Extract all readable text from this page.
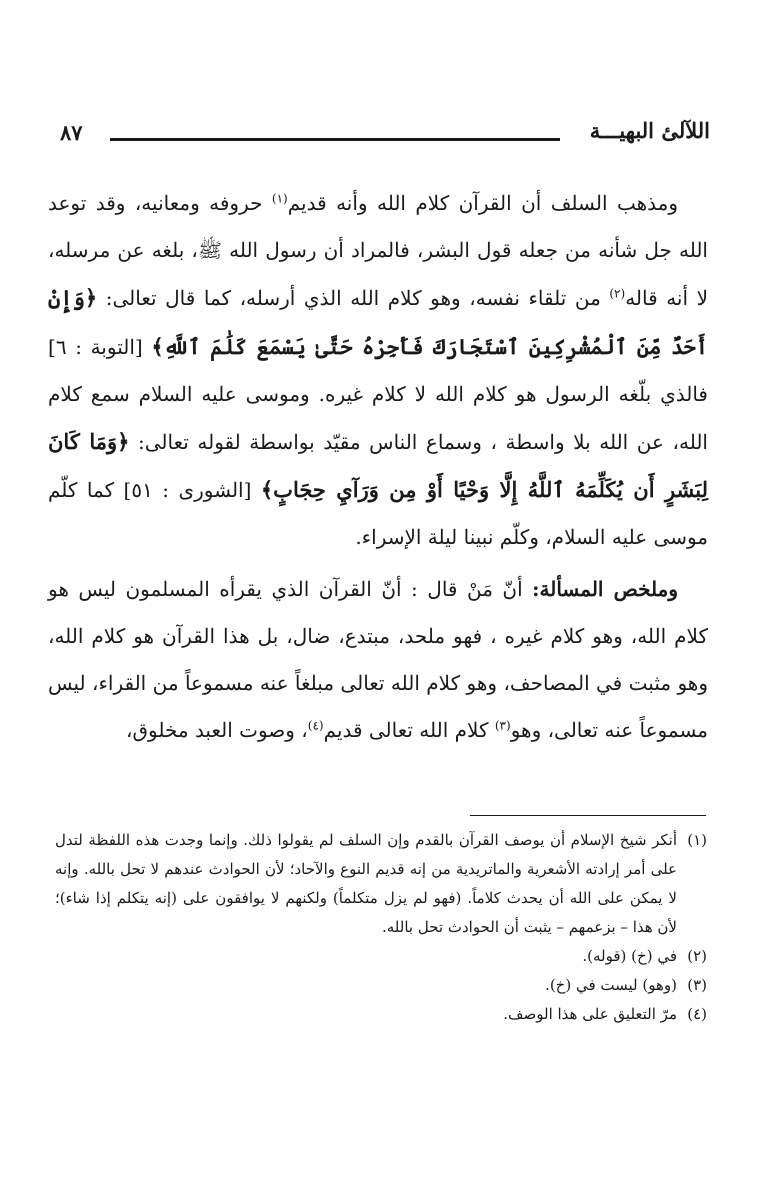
اللآلئ البهيـــة
٨٧

ومذهب السلف أن القرآن كلام الله وأنه قديم$^{(١)}$ حروفه ومعانيه، وقد توعد الله جل شأنه من جعله قول البشر، فالمراد أن رسول الله ﷺ، بلغه عن مرسله، لا أنه قاله$^{(٢)}$ من تلقاء نفسه، وهو كلام الله الذي أرسله، كما قال تعالى: ﴿وَإِنْ أَحَدٌ مِّنَ ٱلْمُشْرِكِينَ ٱسْتَجَارَكَ فَأَجِرْهُ حَتَّىٰ يَسْمَعَ كَلَٰمَ ٱللَّهِ﴾ [التوبة : ٦] فالذي بلّغه الرسول هو كلام الله لا كلام غيره. وموسى عليه السلام سمع كلام الله، عن الله بلا واسطة ، وسماع الناس مقيّد بواسطة لقوله تعالى: ﴿وَمَا كَانَ لِبَشَرٍ أَن يُكَلِّمَهُ ٱللَّهُ إِلَّا وَحْيًا أَوْ مِن وَرَآيِ حِجَابٍ﴾ [الشورى : ٥١] كما كلّم موسى عليه السلام، وكلّم نبينا ليلة الإسراء.

وملخص المسألة: أنّ مَنْ قال : أنّ القرآن الذي يقرأه المسلمون ليس هو كلام الله، وهو كلام غيره ، فهو ملحد، مبتدع، ضال، بل هذا القرآن هو كلام الله، وهو مثبت في المصاحف، وهو كلام الله تعالى مبلغاً عنه مسموعاً من القراء، ليس مسموعاً عنه تعالى، وهو$^{(٣)}$ كلام الله تعالى قديم$^{(٤)}$، وصوت العبد مخلوق،

(١)أنكر شيخ الإسلام أن يوصف القرآن بالقدم وإن السلف لم يقولوا ذلك. وإنما وجدت هذه اللفظة لتدل على أمر إرادته الأشعرية والماتريدية من إنه قديم النوع والآحاد؛ لأن الحوادث عندهم لا تحل بالله. وإنه لا يمكن على الله أن يحدث كلاماً. (فهو لم يزل متكلماً) ولكنهم لا يوافقون على (إنه يتكلم إذا شاء)؛ لأن هذا – بزعمهم – يثبت أن الحوادث تحل بالله.

(٢)في (خ) (قوله).

(٣)(وهو) ليست في (خ).

(٤)مرّ التعليق على هذا الوصف.
